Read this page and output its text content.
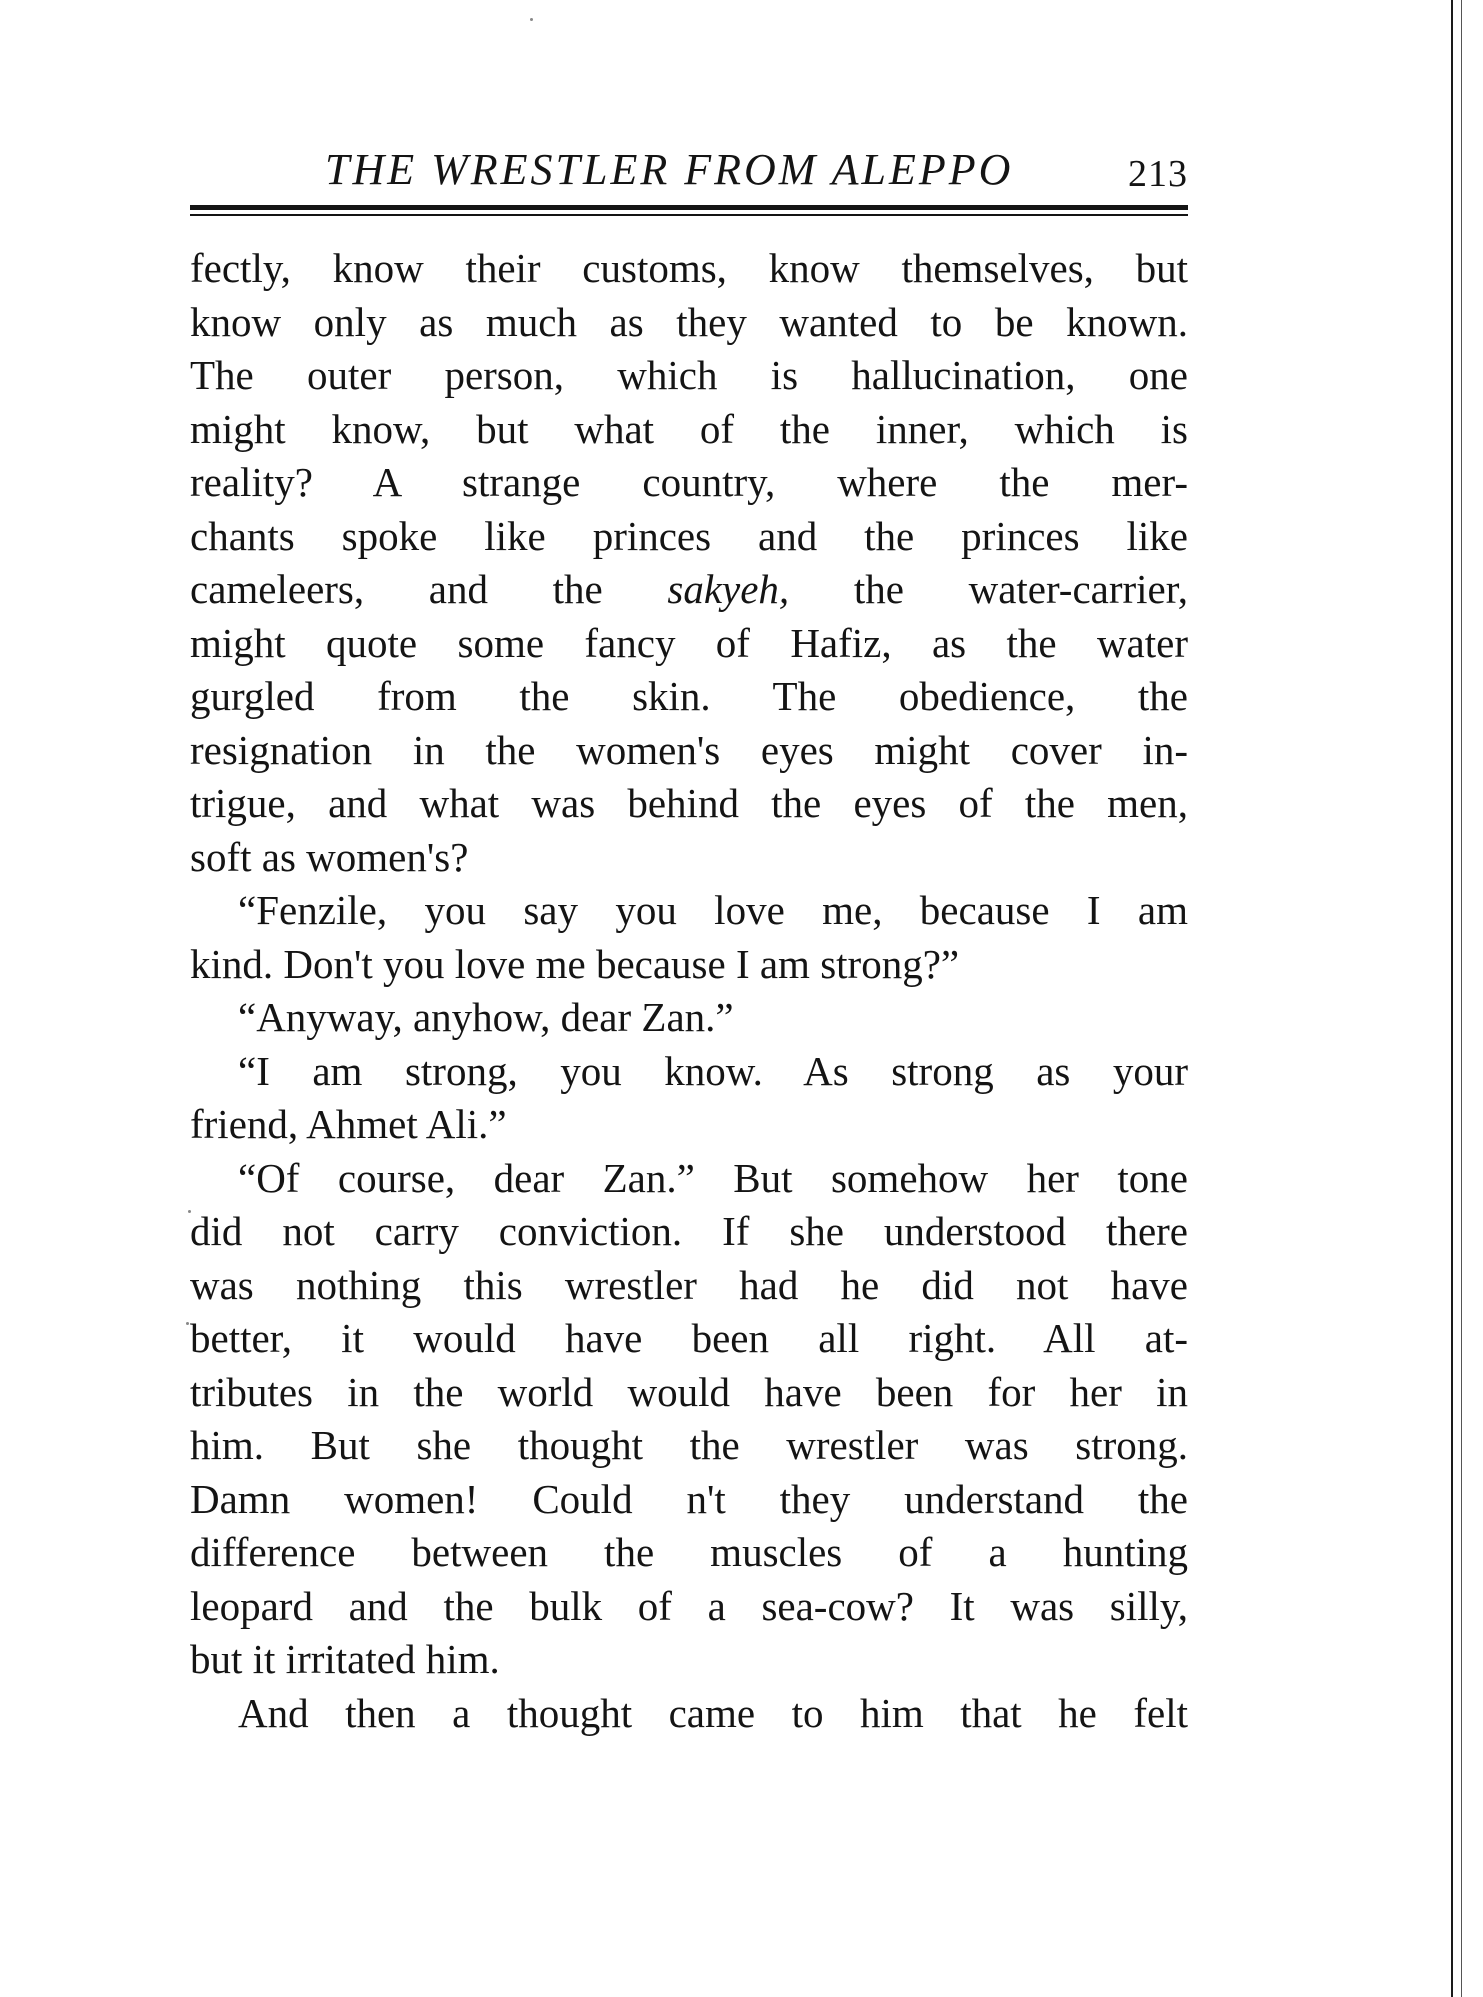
THE WRESTLER FROM ALEPPO	213
fectly, know their customs, know themselves, but
know only as much as they wanted to be known.
The outer person, which is hallucination, one
might know, but what of the inner, which is
reality? A strange country, where the mer-
chants spoke like princes and the princes like
cameleers, and the sakyeh, the water-carrier,
might quote some fancy of Hafiz, as the water
gurgled from the skin. The obedience, the
resignation in the women's eyes might cover in-
trigue, and what was behind the eyes of the men,
soft as women's?
“Fenzile, you say you love me, because I am
kind. Don't you love me because I am strong?”
“Anyway, anyhow, dear Zan.”
“I am strong, you know. As strong as your
friend, Ahmet Ali.”
“Of course, dear Zan.” But somehow her tone
did not carry conviction. If she understood there
was nothing this wrestler had he did not have
better, it would have been all right. All at-
tributes in the world would have been for her in
him. But she thought the wrestler was strong.
Damn women! Could n't they understand the
difference between the muscles of a hunting
leopard and the bulk of a sea-cow? It was silly,
but it irritated him.
And then a thought came to him that he felt
